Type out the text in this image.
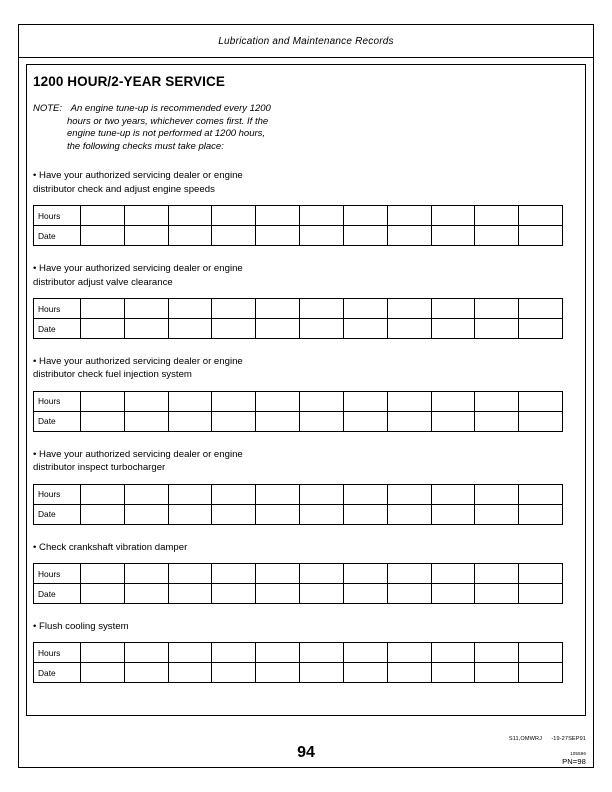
Lubrication and Maintenance Records
1200 HOUR/2-YEAR SERVICE
NOTE: An engine tune-up is recommended every 1200
hours or two years, whichever comes first. If the
engine tune-up is not performed at 1200 hours,
the following checks must take place:
• Have your authorized servicing dealer or engine
distributor check and adjust engine speeds
Hours											
Date											
• Have your authorized servicing dealer or engine
distributor adjust valve clearance
Hours											
Date											
• Have your authorized servicing dealer or engine
distributor check fuel injection system
Hours											
Date											
• Have your authorized servicing dealer or engine
distributor inspect turbocharger
Hours											
Date											
• Check crankshaft vibration damper
Hours											
Date											
• Flush cooling system
Hours											
Date											
S11,OMWRJ -19-27SEP91
105596
PN=98
94
